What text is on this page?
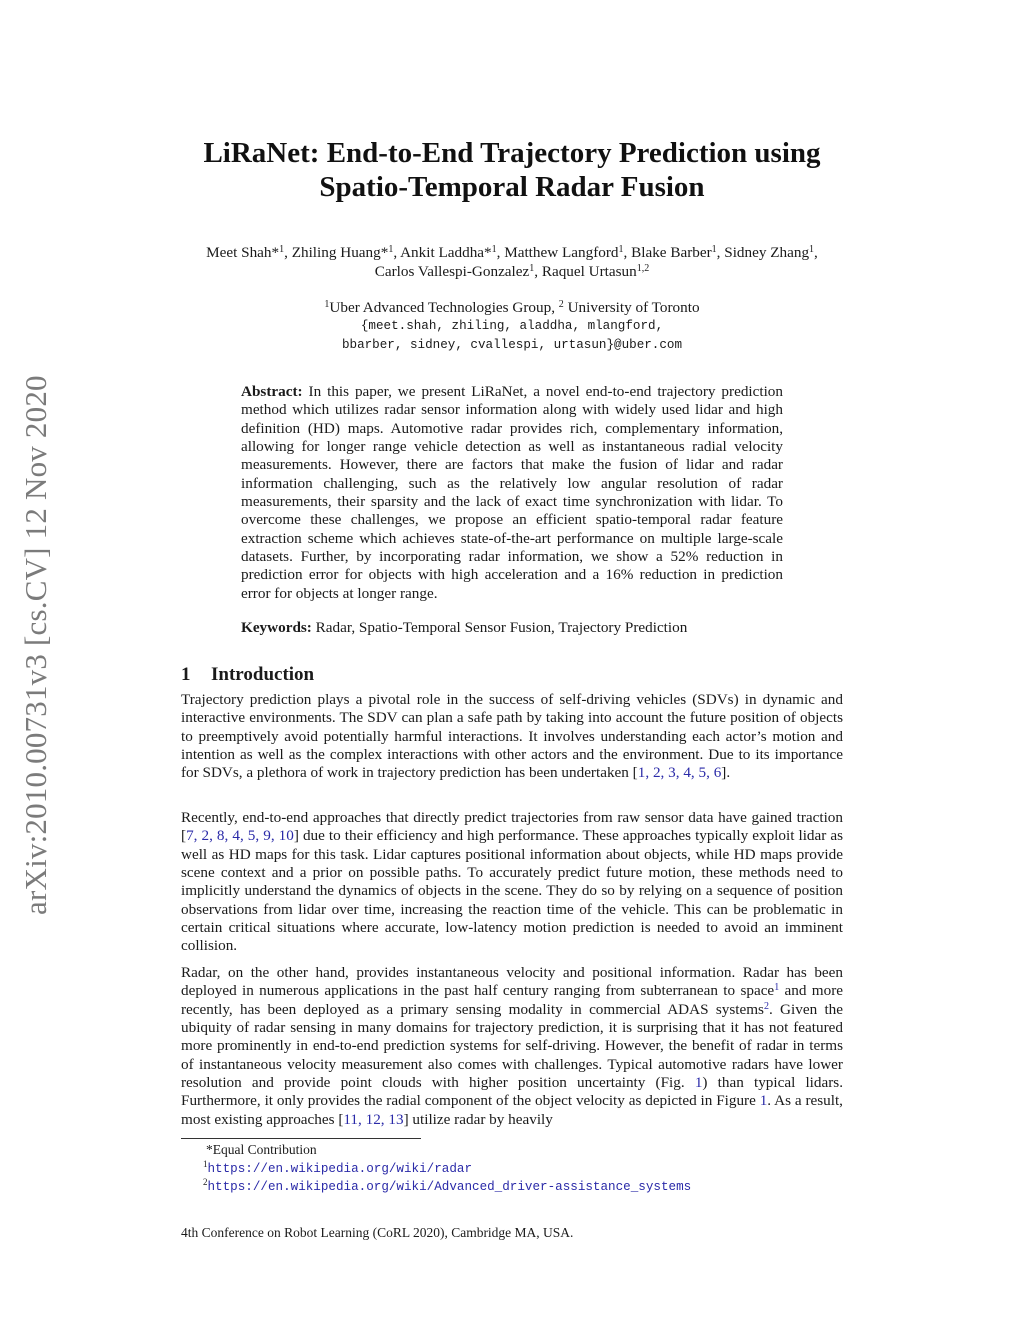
arXiv:2010.00731v3 [cs.CV] 12 Nov 2020
LiRaNet: End-to-End Trajectory Prediction using
Spatio-Temporal Radar Fusion
Meet Shah*$^1$, Zhiling Huang*$^1$, Ankit Laddha*$^1$, Matthew Langford$^1$, Blake Barber$^1$, Sidney Zhang$^1$, Carlos Vallespi-Gonzalez$^1$, Raquel Urtasun$^{1,2}$
$^1$Uber Advanced Technologies Group, $^2$ University of Toronto
{meet.shah, zhiling, aladdha, mlangford,
bbarber, sidney, cvallespi, urtasun}@uber.com
Abstract: In this paper, we present LiRaNet, a novel end-to-end trajectory prediction method which utilizes radar sensor information along with widely used lidar and high definition (HD) maps. Automotive radar provides rich, complementary information, allowing for longer range vehicle detection as well as instantaneous radial velocity measurements. However, there are factors that make the fusion of lidar and radar information challenging, such as the relatively low angular resolution of radar measurements, their sparsity and the lack of exact time synchronization with lidar. To overcome these challenges, we propose an efficient spatio-temporal radar feature extraction scheme which achieves state-of-the-art performance on multiple large-scale datasets. Further, by incorporating radar information, we show a 52% reduction in prediction error for objects with high acceleration and a 16% reduction in prediction error for objects at longer range.
Keywords: Radar, Spatio-Temporal Sensor Fusion, Trajectory Prediction
1 Introduction
Trajectory prediction plays a pivotal role in the success of self-driving vehicles (SDVs) in dynamic and interactive environments. The SDV can plan a safe path by taking into account the future position of objects to preemptively avoid potentially harmful interactions. It involves understanding each actor’s motion and intention as well as the complex interactions with other actors and the environment. Due to its importance for SDVs, a plethora of work in trajectory prediction has been undertaken [1, 2, 3, 4, 5, 6].
Recently, end-to-end approaches that directly predict trajectories from raw sensor data have gained traction [7, 2, 8, 4, 5, 9, 10] due to their efficiency and high performance. These approaches typically exploit lidar as well as HD maps for this task. Lidar captures positional information about objects, while HD maps provide scene context and a prior on possible paths. To accurately predict future motion, these methods need to implicitly understand the dynamics of objects in the scene. They do so by relying on a sequence of position observations from lidar over time, increasing the reaction time of the vehicle. This can be problematic in certain critical situations where accurate, low-latency motion prediction is needed to avoid an imminent collision.
Radar, on the other hand, provides instantaneous velocity and positional information. Radar has been deployed in numerous applications in the past half century ranging from subterranean to space$^1$ and more recently, has been deployed as a primary sensing modality in commercial ADAS systems$^2$. Given the ubiquity of radar sensing in many domains for trajectory prediction, it is surprising that it has not featured more prominently in end-to-end prediction systems for self-driving. However, the benefit of radar in terms of instantaneous velocity measurement also comes with challenges. Typical automotive radars have lower resolution and provide point clouds with higher position uncertainty (Fig. 1) than typical lidars. Furthermore, it only provides the radial component of the object velocity as depicted in Figure 1. As a result, most existing approaches [11, 12, 13] utilize radar by heavily
*Equal Contribution
$^1$https://en.wikipedia.org/wiki/radar
$^2$https://en.wikipedia.org/wiki/Advanced_driver-assistance_systems
4th Conference on Robot Learning (CoRL 2020), Cambridge MA, USA.
